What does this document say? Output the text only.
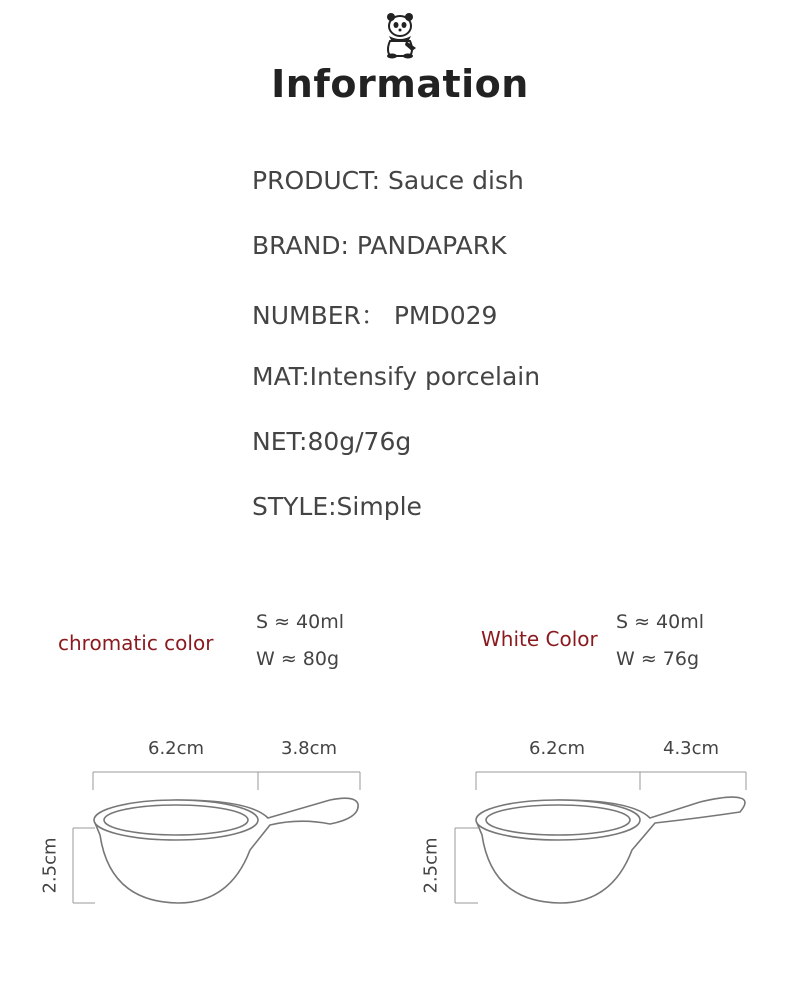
Information
PRODUCT: Sauce dish
BRAND: PANDAPARK
NUMBER： PMD029
MAT:Intensify porcelain
NET:80g/76g
STYLE:Simple
chromatic color
S ≈ 40ml
W ≈ 80g
White Color
S ≈ 40ml
W ≈ 76g
6.2cm	3.8cm
2.5cm
6.2cm	4.3cm
2.5cm
